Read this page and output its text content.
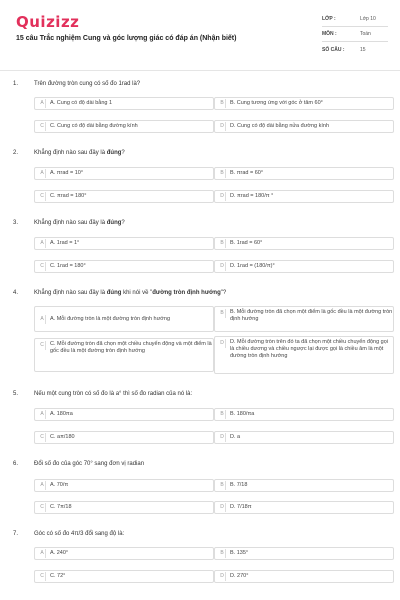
Quizizz
15 câu Trắc nghiệm Cung và góc lượng giác có đáp án (Nhận biết)
LỚP :	Lớp 10
MÔN :	Toán
SỐ CÂU :	15
1.	Trên đường tròn cung có số đo 1rad là?
A	A. Cung có độ dài bằng 1	B	B. Cung tương ứng với góc ở tâm 60°
C	C. Cung có độ dài bằng đường kính	D	D. Cung có độ dài bằng nửa đường kính
2.	Khẳng định nào sau đây là đúng?
A	A. πrad = 10°	B	B. πrad = 60°
C	C. πrad = 180°	D	D. πrad = 180/π °
3.	Khẳng định nào sau đây là đúng?
A	A. 1rad = 1°	B	B. 1rad = 60°
C	C. 1rad = 180°	D	D. 1rad = (180/π)°
4.	Khẳng định nào sau đây là đúng khi nói về "đường tròn định hướng"?
A	A. Mỗi đường tròn là một đường tròn định hướng
B	B. Mỗi đường tròn đã chọn một điểm là gốc đều là một đường tròn định hướng
C	C. Mỗi đường tròn đã chọn một chiều chuyển động và một điểm là gốc đều là một đường tròn định hướng
D	D. Mỗi đường tròn trên đó ta đã chọn một chiều chuyển động gọi là chiều dương và chiều ngược lại được gọi là chiều âm là một đường tròn định hướng
5.	Nếu một cung tròn có số đo là a° thì số đo radian của nó là:
A	A. 180πa	B	B. 180/πa
C	C. aπ/180	D	D. a
6.	Đổi số đo của góc 70° sang đơn vị radian
A	A. 70/π	B	B. 7/18
C	C. 7π/18	D	D. 7/18π
7.	Góc có số đo 4π/3 đổi sang độ là:
A	A. 240°	B	B. 135°
C	C. 72°	D	D. 270°
